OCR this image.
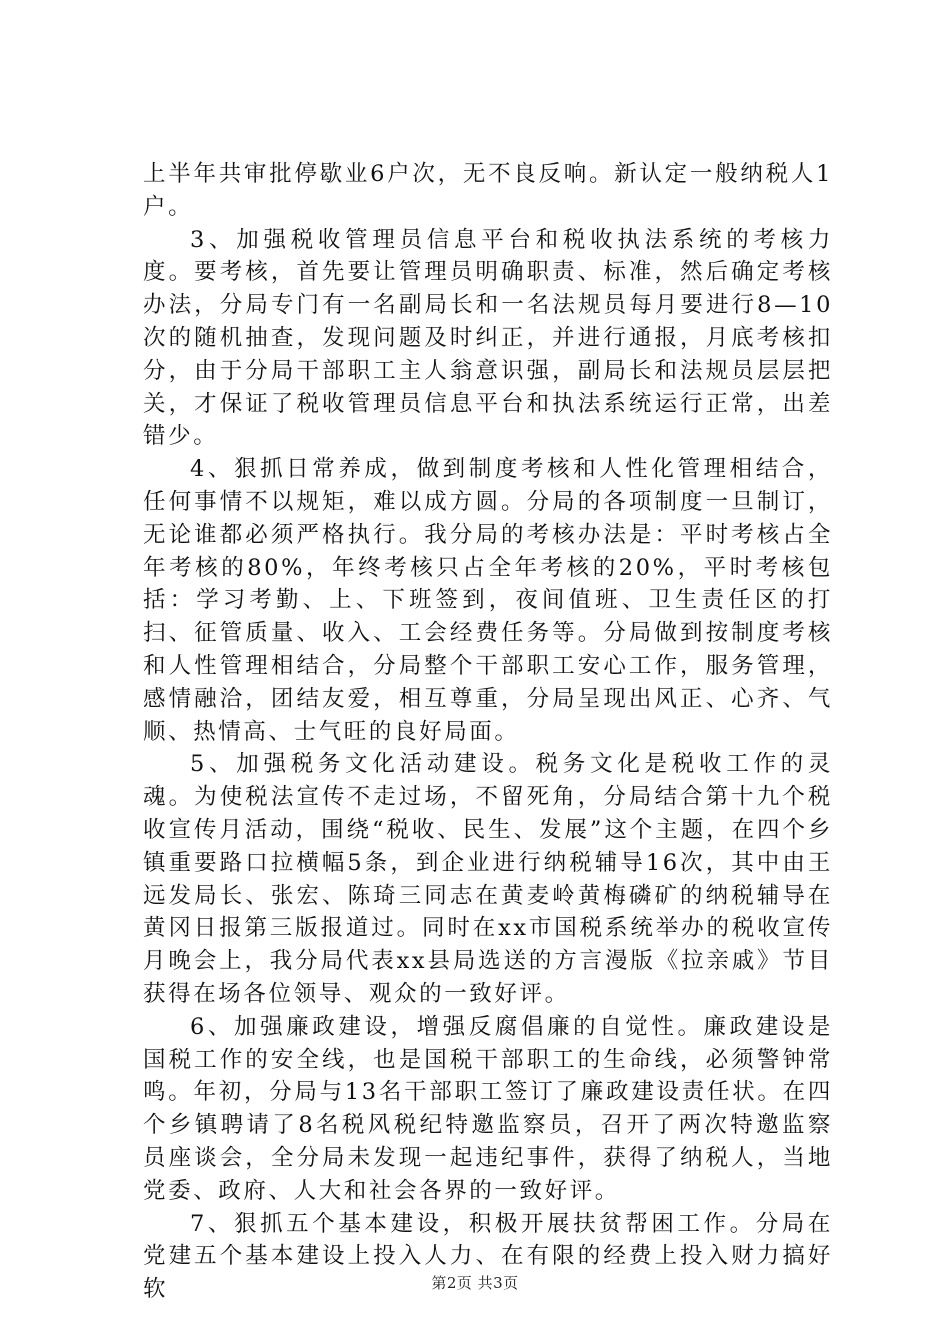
上半年共审批停歇业6户次，无不良反响。新认定一般纳税人1户。

3、加强税收管理员信息平台和税收执法系统的考核力度。要考核，首先要让管理员明确职责、标准，然后确定考核办法，分局专门有一名副局长和一名法规员每月要进行8—10次的随机抽查，发现问题及时纠正，并进行通报，月底考核扣分，由于分局干部职工主人翁意识强，副局长和法规员层层把关，才保证了税收管理员信息平台和执法系统运行正常，出差错少。

4、狠抓日常养成，做到制度考核和人性化管理相结合，任何事情不以规矩，难以成方圆。分局的各项制度一旦制订，无论谁都必须严格执行。我分局的考核办法是：平时考核占全年考核的80%，年终考核只占全年考核的20%，平时考核包括：学习考勤、上、下班签到，夜间值班、卫生责任区的打扫、征管质量、收入、工会经费任务等。分局做到按制度考核和人性管理相结合，分局整个干部职工安心工作，服务管理，感情融洽，团结友爱，相互尊重，分局呈现出风正、心齐、气顺、热情高、士气旺的良好局面。

5、加强税务文化活动建设。税务文化是税收工作的灵魂。为使税法宣传不走过场，不留死角，分局结合第十九个税收宣传月活动，围绕“税收、民生、发展”这个主题，在四个乡镇重要路口拉横幅5条，到企业进行纳税辅导16次，其中由王远发局长、张宏、陈琦三同志在黄麦岭黄梅磷矿的纳税辅导在黄冈日报第三版报道过。同时在xx市国税系统举办的税收宣传月晚会上，我分局代表xx县局选送的方言漫版《拉亲戚》节目获得在场各位领导、观众的一致好评。

6、加强廉政建设，增强反腐倡廉的自觉性。廉政建设是国税工作的安全线，也是国税干部职工的生命线，必须警钟常鸣。年初，分局与13名干部职工签订了廉政建设责任状。在四个乡镇聘请了8名税风税纪特邀监察员，召开了两次特邀监察员座谈会，全分局未发现一起违纪事件，获得了纳税人，当地党委、政府、人大和社会各界的一致好评。

7、狠抓五个基本建设，积极开展扶贫帮困工作。分局在党建五个基本建设上投入人力、在有限的经费上投入财力搞好软	第2页 共3页
